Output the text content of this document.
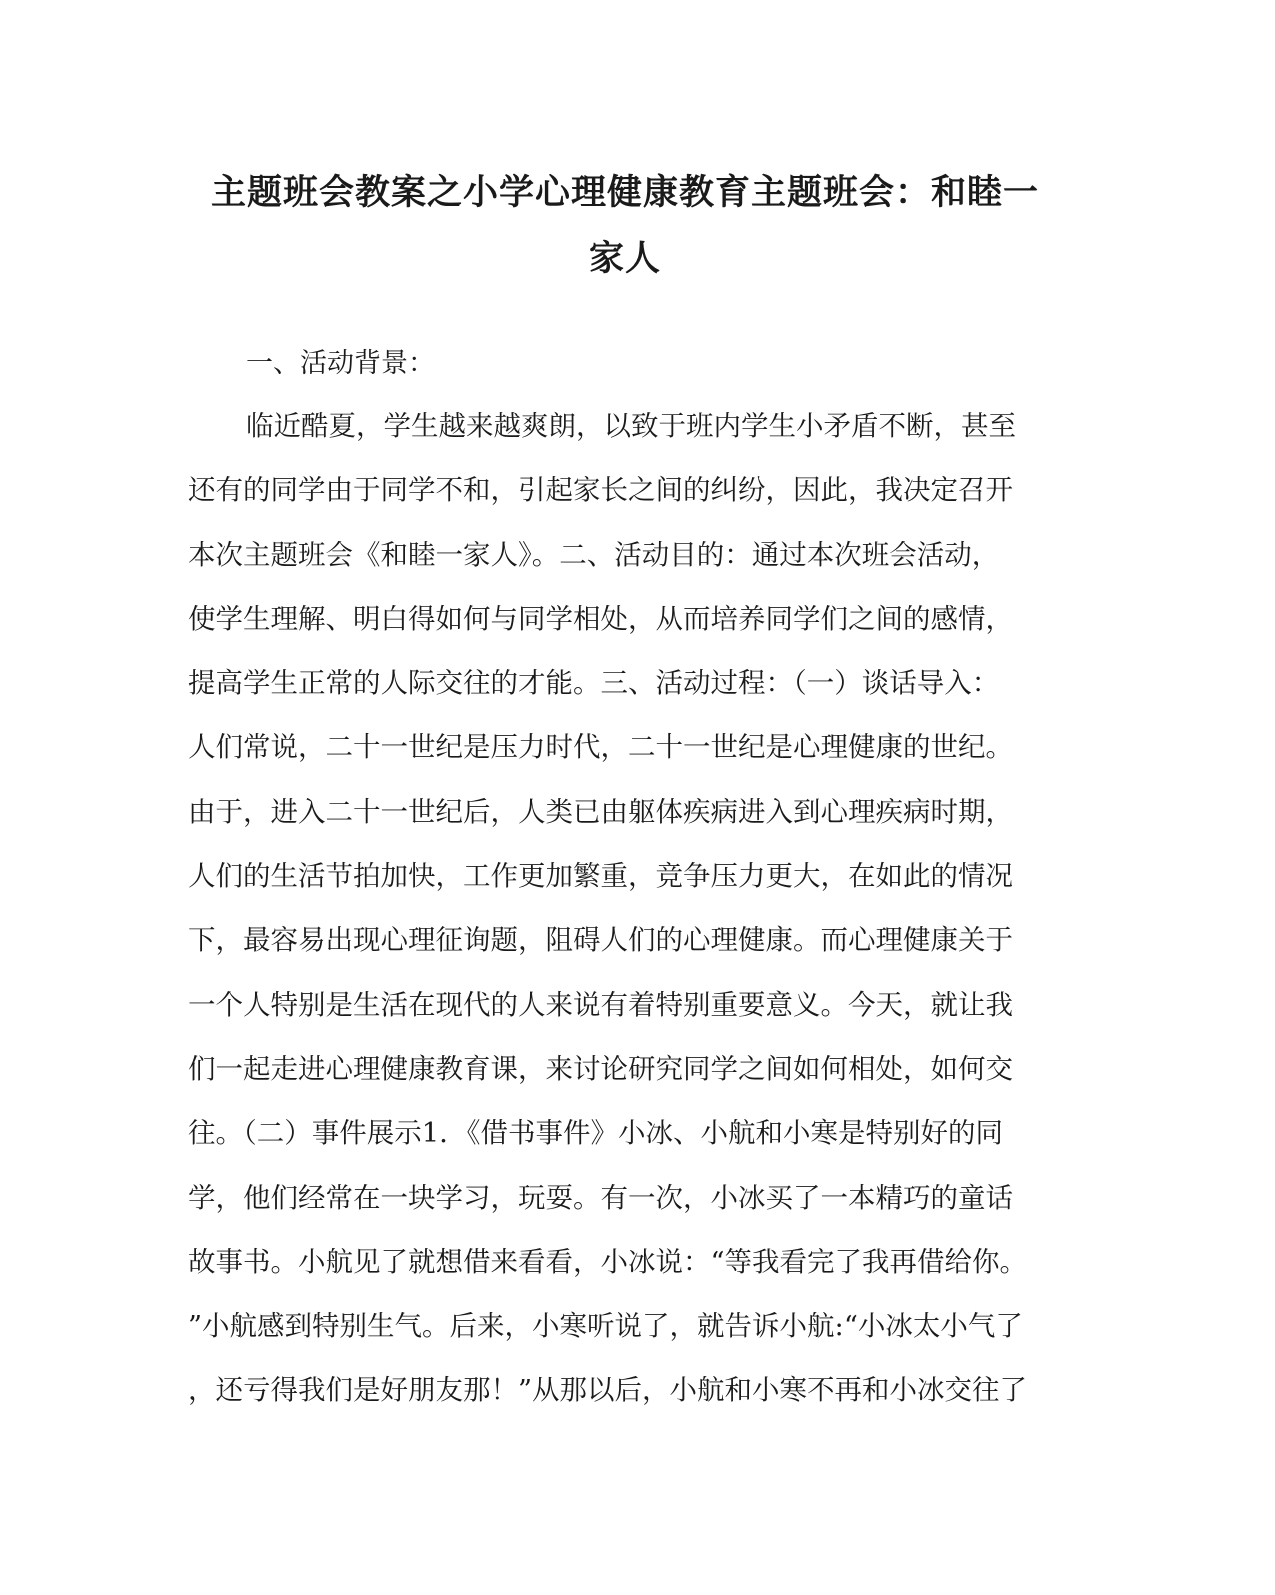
主题班会教案之小学心理健康教育主题班会：和睦一
家人

一、活动背景：

临近酷夏，学生越来越爽朗，以致于班内学生小矛盾不断，甚至
还有的同学由于同学不和，引起家长之间的纠纷，因此，我决定召开
本次主题班会《和睦一家人》。二、活动目的：通过本次班会活动，
使学生理解、明白得如何与同学相处，从而培养同学们之间的感情，
提高学生正常的人际交往的才能。三、活动过程：（一）谈话导入：
人们常说，二十一世纪是压力时代，二十一世纪是心理健康的世纪。
由于，进入二十一世纪后，人类已由躯体疾病进入到心理疾病时期，
人们的生活节拍加快，工作更加繁重，竞争压力更大，在如此的情况
下，最容易出现心理征询题，阻碍人们的心理健康。而心理健康关于
一个人特别是生活在现代的人来说有着特别重要意义。今天，就让我
们一起走进心理健康教育课，来讨论研究同学之间如何相处，如何交
往。（二）事件展示1．《借书事件》小冰、小航和小寒是特别好的同
学，他们经常在一块学习，玩耍。有一次，小冰买了一本精巧的童话
故事书。小航见了就想借来看看，小冰说：“等我看完了我再借给你。
”小航感到特别生气。后来，小寒听说了，就告诉小航:“小冰太小气了
，还亏得我们是好朋友那！”从那以后，小航和小寒不再和小冰交往了
